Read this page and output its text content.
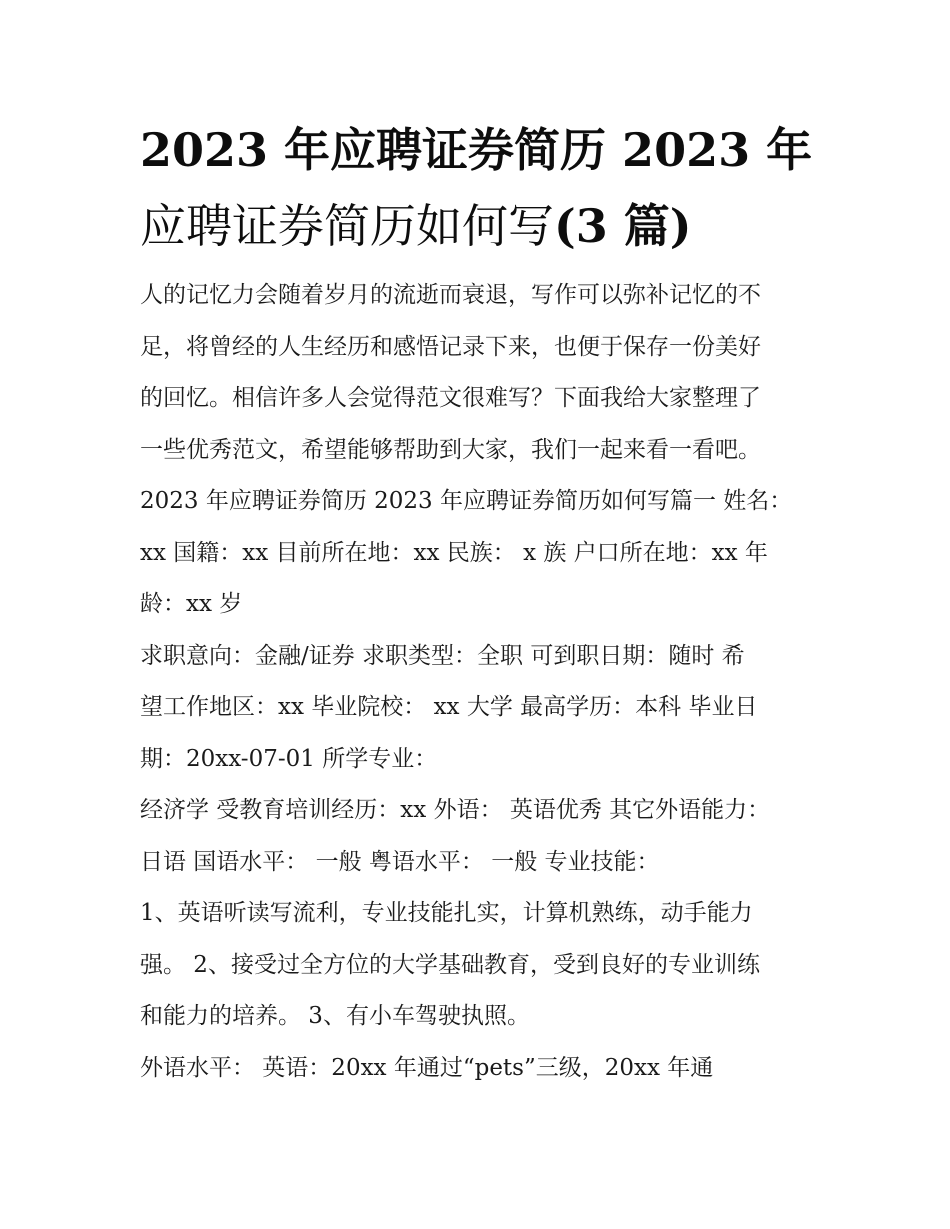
2023 年应聘证券简历 2023 年
应聘证券简历如何写(3 篇)

人的记忆力会随着岁月的流逝而衰退，写作可以弥补记忆的不
足，将曾经的人生经历和感悟记录下来，也便于保存一份美好
的回忆。相信许多人会觉得范文很难写？下面我给大家整理了
一些优秀范文，希望能够帮助到大家，我们一起来看一看吧。
2023 年应聘证券简历 2023 年应聘证券简历如何写篇一 姓名：
xx 国籍：xx 目前所在地：xx 民族： x 族 户口所在地：xx 年
龄：xx 岁

求职意向：金融/证券 求职类型：全职 可到职日期：随时 希
望工作地区：xx 毕业院校： xx 大学 最高学历：本科 毕业日
期：20xx-07-01 所学专业：

经济学 受教育培训经历：xx 外语： 英语优秀 其它外语能力：
日语 国语水平： 一般 粤语水平： 一般 专业技能：

1、英语听读写流利，专业技能扎实，计算机熟练，动手能力
强。 2、接受过全方位的大学基础教育，受到良好的专业训练
和能力的培养。 3、有小车驾驶执照。

外语水平： 英语：20xx 年通过“pets”三级，20xx 年通
